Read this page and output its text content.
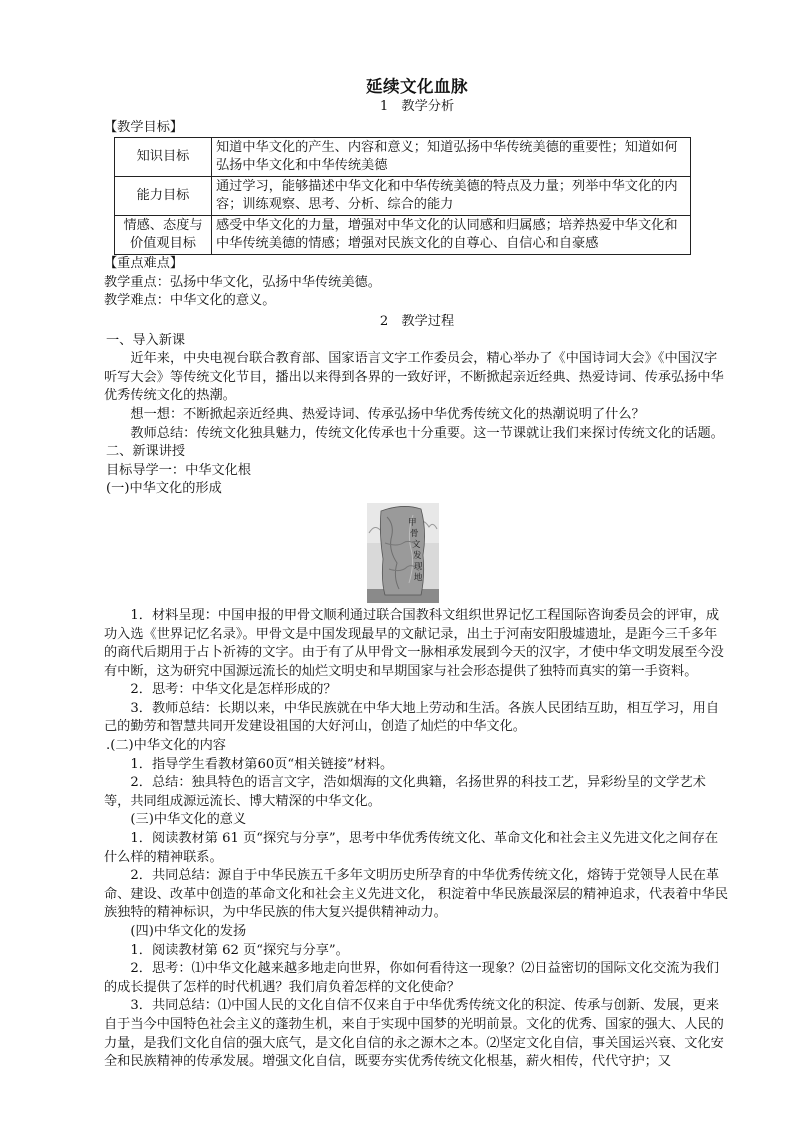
延续文化血脉

1　教学分析

【教学目标】

知识目标	知道中华文化的产生、内容和意义；知道弘扬中华传统美德的重要性；知道如何弘扬中华文化和中华传统美德
能力目标	通过学习，能够描述中华文化和中华传统美德的特点及力量；列举中华文化的内容；训练观察、思考、分析、综合的能力
情感、态度与价值观目标	感受中华文化的力量，增强对中华文化的认同感和归属感；培养热爱中华文化和中华传统美德的情感；增强对民族文化的自尊心、自信心和自豪感

【重点难点】

教学重点：弘扬中华文化，弘扬中华传统美德。

教学难点：中华文化的意义。

2　教学过程

一、导入新课

近年来，中央电视台联合教育部、国家语言文字工作委员会，精心举办了《中国诗词大会》《中国汉字听写大会》等传统文化节目，播出以来得到各界的一致好评，不断掀起亲近经典、热爱诗词、传承弘扬中华优秀传统文化的热潮。

想一想：不断掀起亲近经典、热爱诗词、传承弘扬中华优秀传统文化的热潮说明了什么？

教师总结：传统文化独具魅力，传统文化传承也十分重要。这一节课就让我们来探讨传统文化的话题。

二、新课讲授

目标导学一：中华文化根

(一)中华文化的形成

甲
骨
文
发
现
地

1．材料呈现：中国申报的甲骨文顺利通过联合国教科文组织世界记忆工程国际咨询委员会的评审，成功入选《世界记忆名录》。甲骨文是中国发现最早的文献记录，出土于河南安阳殷墟遗址，是距今三千多年的商代后期用于占卜祈祷的文字。由于有了从甲骨文一脉相承发展到今天的汉字，才使中华文明发展至今没有中断，这为研究中国源远流长的灿烂文明史和早期国家与社会形态提供了独特而真实的第一手资料。

2．思考：中华文化是怎样形成的？

3．教师总结：长期以来，中华民族就在中华大地上劳动和生活。各族人民团结互助，相互学习，用自己的勤劳和智慧共同开发建设祖国的大好河山，创造了灿烂的中华文化。

.(二)中华文化的内容

1．指导学生看教材第60页“相关链接”材料。

2．总结：独具特色的语言文字，浩如烟海的文化典籍，名扬世界的科技工艺，异彩纷呈的文学艺术等，共同组成源远流长、博大精深的中华文化。

(三)中华文化的意义

1．阅读教材第 61 页“探究与分享”，思考中华优秀传统文化、革命文化和社会主义先进文化之间存在什么样的精神联系。

2．共同总结：源自于中华民族五千多年文明历史所孕育的中华优秀传统文化，熔铸于党领导人民在革命、建设、改革中创造的革命文化和社会主义先进文化， 积淀着中华民族最深层的精神追求，代表着中华民族独特的精神标识，为中华民族的伟大复兴提供精神动力。

(四)中华文化的发扬

1．阅读教材第 62 页“探究与分享”。

2．思考：⑴中华文化越来越多地走向世界，你如何看待这一现象？⑵日益密切的国际文化交流为我们的成长提供了怎样的时代机遇？我们肩负着怎样的文化使命？

3．共同总结：⑴中国人民的文化自信不仅来自于中华优秀传统文化的积淀、传承与创新、发展，更来自于当今中国特色社会主义的蓬勃生机，来自于实现中国梦的光明前景。文化的优秀、国家的强大、人民的力量，是我们文化自信的强大底气，是文化自信的永之源木之本。⑵坚定文化自信，事关国运兴衰、文化安全和民族精神的传承发展。增强文化自信，既要夯实优秀传统文化根基，薪火相传，代代守护；又
